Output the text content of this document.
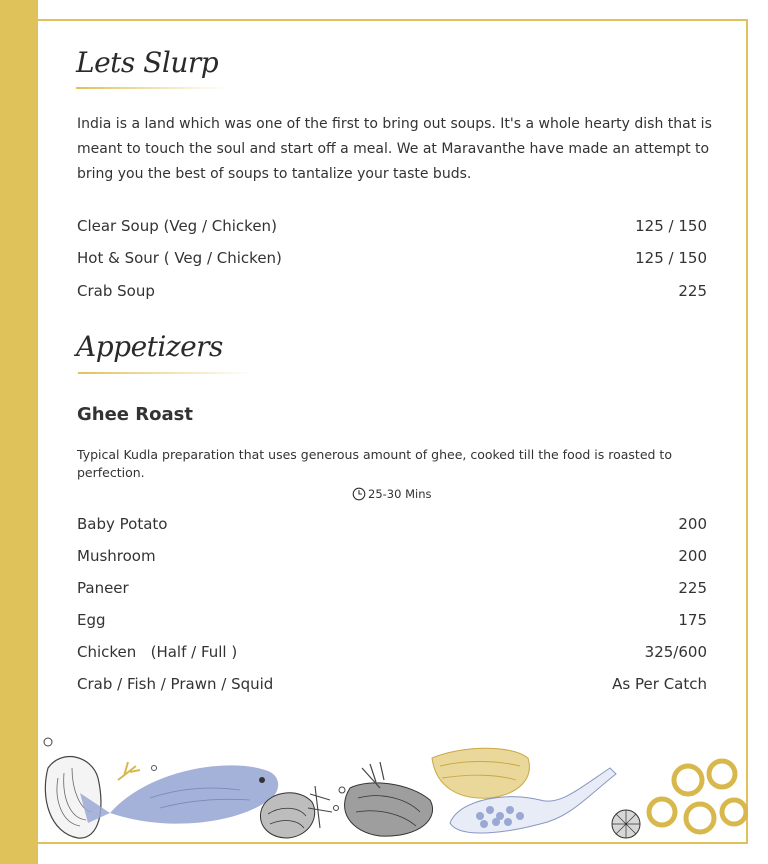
Lets Slurp

India is a land which was one of the first to bring out soups. It's a whole hearty dish that is meant to touch the soul and start off a meal. We at Maravanthe have made an attempt to bring you the best of soups to tantalize your taste buds.

Clear Soup (Veg / Chicken)	125 / 150
Hot & Sour ( Veg / Chicken)	125 / 150
Crab Soup	225
Appetizers
Ghee Roast

Typical Kudla preparation that uses generous amount of ghee, cooked till the food is roasted to perfection.

25-30 Mins
Baby Potato	200
Mushroom	200
Paneer	225
Egg	175
Chicken   (Half / Full )	325/600
Crab / Fish / Prawn / Squid	As Per Catch
